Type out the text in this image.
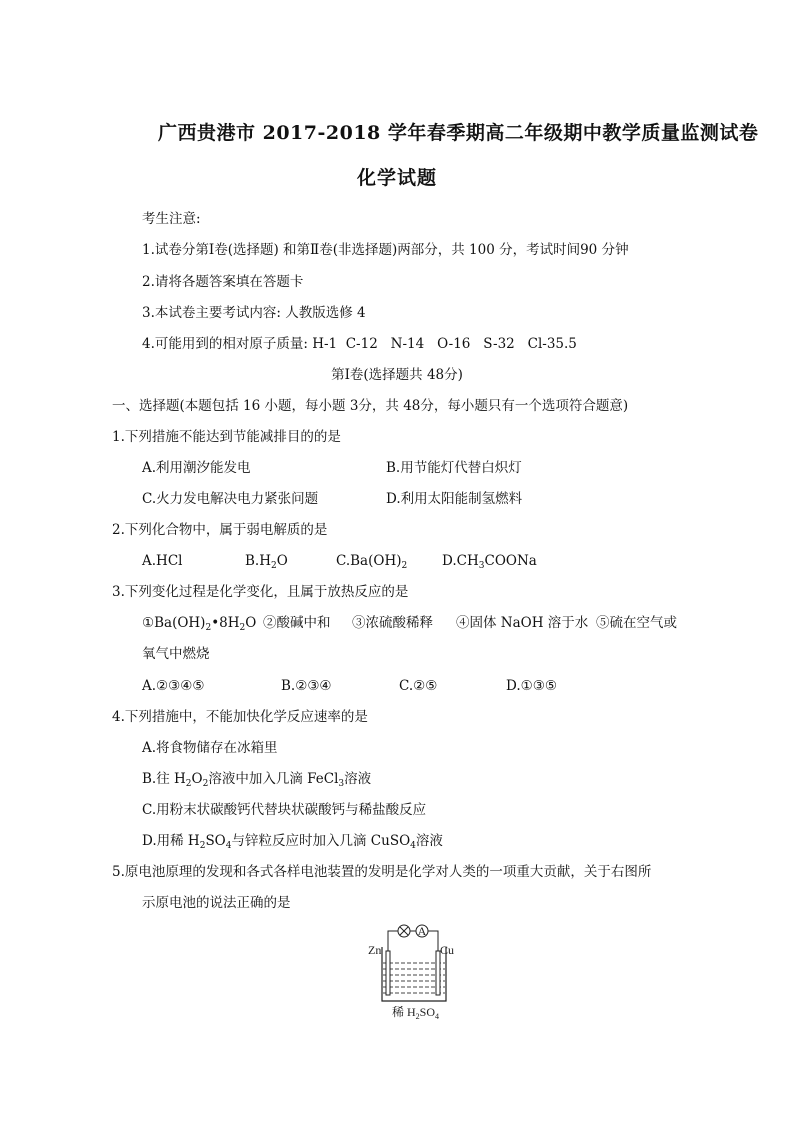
广西贵港市 2017-2018 学年春季期高二年级期中教学质量监测试卷
化学试题
考生注意:
1.试卷分第Ⅰ卷(选择题) 和第Ⅱ卷(非选择题)两部分，共 100 分，考试时间90 分钟
2.请将各题答案填在答题卡
3.本试卷主要考试内容: 人教版选修 4
4.可能用到的相对原子质量: H-1  C-12   N-14   O-16   S-32   Cl-35.5
第Ⅰ卷(选择题共 48分)
一、选择题(本题包括 16 小题，每小题 3分，共 48分，每小题只有一个选项符合题意)
1.下列措施不能达到节能减排目的的是
A.利用潮汐能发电	B.用节能灯代替白炽灯
C.火力发电解决电力紧张问题	D.利用太阳能制氢燃料
2.下列化合物中，属于弱电解质的是
A.HCl	$B.H_2O$	$C.Ba(OH)_2$	$D.CH_3COONa$
3.下列变化过程是化学变化，且属于放热反应的是
$①Ba(OH)_2•8H_2O$ ②酸碱中和 ③浓硫酸稀释 ④固体 NaOH 溶于水 ⑤硫在空气或
氧气中燃烧
A.②③④⑤	B.②③④	C.②⑤	D.①③⑤
4.下列措施中，不能加快化学反应速率的是
A.将食物储存在冰箱里
B.往 $H_2O_2$溶液中加入几滴 FeCl$_3$溶液
C.用粉末状碳酸钙代替块状碳酸钙与稀盐酸反应
D.用稀 $H_2SO_4$与锌粒反应时加入几滴 CuSO$_4$溶液
5.原电池原理的发现和各式各样电池装置的发明是化学对人类的一项重大贡献，关于右图所
示原电池的说法正确的是
A
Zn	Cu
稀 $H_2SO_4$
